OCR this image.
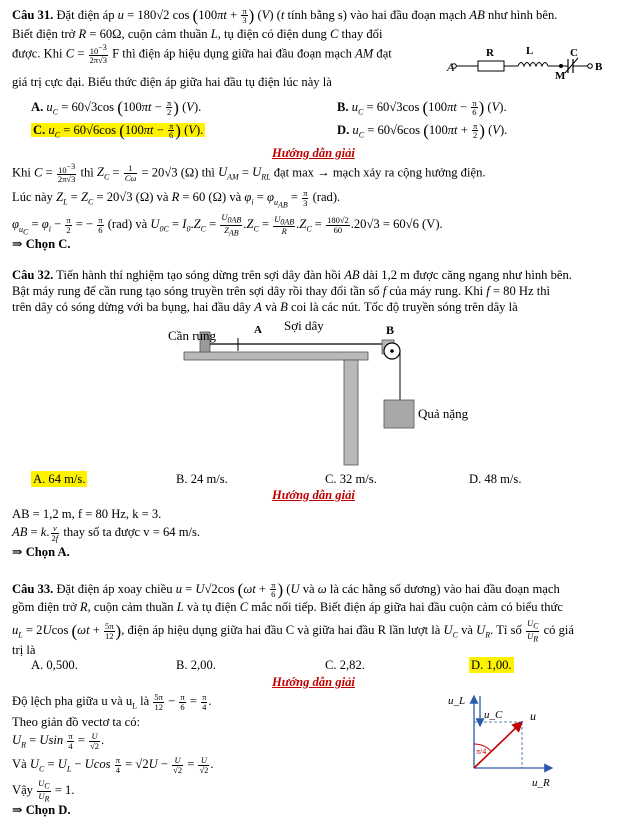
Câu 31. Đặt điện áp u = 180√2 $\cos (100\pi t + \frac{\pi}{3}$ ) (V) (t tính bằng s) vào hai đầu đoạn mạch AB như hình bên.
Biết điện trở R = 60Ω, cuộn cảm thuần L, tụ điện có điện dung C thay đổi
được. Khi $C = \frac{10^{-3}}{2\pi√3}$ F thì điện áp hiệu dụng giữa hai đầu đoạn mạch AM đạt
giá trị cực đại. Biểu thức điện áp giữa hai đầu tụ điện lúc này là
A
R	L
M
C
B
A. $u_C = 60√3\cos$ ($100\pi t - \frac{\pi}{2}$ ) (V).	B. $u_C = 60√3\cos$ ($100\pi t - \frac{\pi}{6}$ ) (V).
C. $u_C = 60√6\cos$ ($100\pi t - \frac{\pi}{6}$ ) (V).	D. $u_C = 60√6\cos$ ($100\pi t + \frac{\pi}{2}$ ) (V).
Hướng dẫn giải
Khi $C = \frac{10^{-3}}{2\pi√3}$ thì $Z_C = \frac{1}{C\omega} = 20√3$ (Ω) thì $U_{AM} = U_{RL}$ đạt max → mạch xảy ra cộng hưởng điện.
Lúc này $Z_L = Z_C = 20√3$ (Ω) và R = 60 (Ω) và $\varphi_i = \varphi_{u_{AB}} = \frac{\pi}{3} (rad)$.
$\varphi_{u_C} = \varphi_i - \frac{\pi}{2}$ = − $\frac{\pi}{6} (rad)$ và $U_{0C} = I_0.Z_C = \frac{U_{0AB}}{Z_{AB}} .Z_C = \frac{U_{0AB}}{R} .Z_C = \frac{180√2}{60} .20√3 = 60√6$ (V).
⇒ Chọn C.
Câu 32. Tiến hành thí nghiệm tạo sóng dừng trên sợi dây đàn hồi AB dài 1,2 m được căng ngang như hình bên.
Bật máy rung để cần rung tạo sóng truyền trên sợi dây rồi thay đổi tần số f của máy rung. Khi f = 80 Hz thì
trên dây có sóng dừng với ba bụng, hai đầu dây A và B coi là các nút. Tốc độ truyền sóng trên dây là
Cần rung	A Sợi dây	B
Quả nặng
A. 64 m/s.	B. 24 m/s.	C. 32 m/s.	D. 48 m/s.
Hướng dẫn giải
AB = 1,2 m, f = 80 Hz, k = 3.
AB = k. $\frac{v}{2f}$ thay số ta được v = 64 m/s.
⇒ Chọn A.
Câu 33. Đặt điện áp xoay chiều u = U√2cos ($\omega t + \frac{\pi}{6}$ ) (U và ω là các hằng số dương) vào hai đầu đoạn mạch
gồm điện trở R, cuộn cảm thuần L và tụ điện C mắc nối tiếp. Biết điện áp giữa hai đầu cuộn cảm có biểu thức
$u_L = 2Ucos$ ($\omega t + \frac{5\pi}{12}$ ), điện áp hiệu dụng giữa hai đầu C và giữa hai đầu R lần lượt là $U_C$ và $U_R$. Tỉ số $\frac{U_C}{U_R}$ có giá
trị là
A. 0,500.	B. 2,00.	C. 2,82.	D. 1,00.
Hướng dẫn giải
Độ lệch pha giữa u và $u_L$ là $\frac{5\pi}{12} - \frac{\pi}{6} = \frac{\pi}{4}$ .
Theo giản đồ vectơ ta có:
$U_R = Usin \frac{\pi}{4} = \frac{U}{√2}$ .
Và $U_C = U_L - Ucos \frac{\pi}{4} = √2U - \frac{U}{√2} = \frac{U}{√2}$ .
Vậy $\frac{U_C}{U_R} = 1$.
⇒ Chọn D.
u_L
u_C u
u_R
π/4
